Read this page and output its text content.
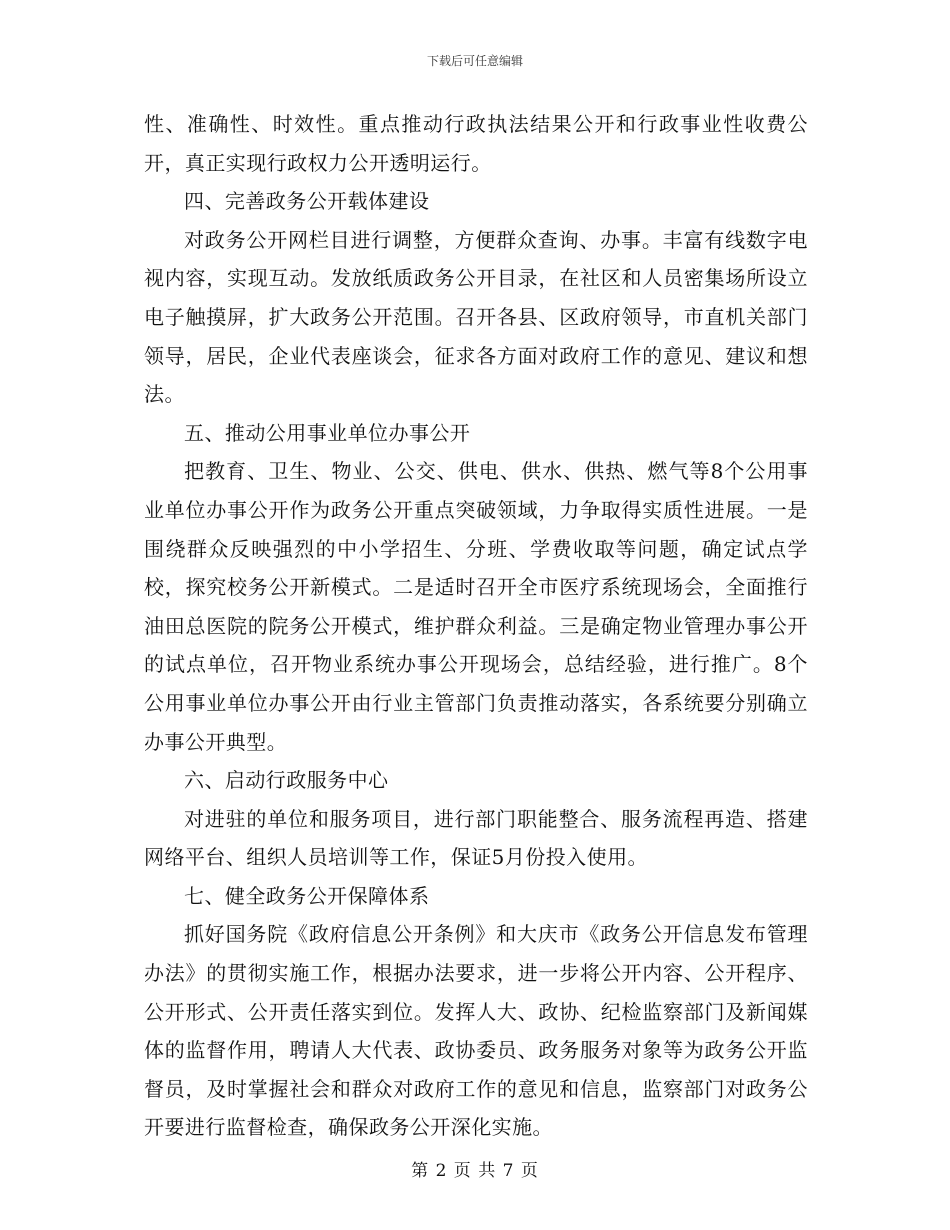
下载后可任意编辑

性、准确性、时效性。重点推动行政执法结果公开和行政事业性收费公开，真正实现行政权力公开透明运行。

四、完善政务公开载体建设

对政务公开网栏目进行调整，方便群众查询、办事。丰富有线数字电视内容，实现互动。发放纸质政务公开目录，在社区和人员密集场所设立电子触摸屏，扩大政务公开范围。召开各县、区政府领导，市直机关部门领导，居民，企业代表座谈会，征求各方面对政府工作的意见、建议和想法。

五、推动公用事业单位办事公开

把教育、卫生、物业、公交、供电、供水、供热、燃气等8个公用事业单位办事公开作为政务公开重点突破领域，力争取得实质性进展。一是围绕群众反映强烈的中小学招生、分班、学费收取等问题，确定试点学校，探究校务公开新模式。二是适时召开全市医疗系统现场会，全面推行油田总医院的院务公开模式，维护群众利益。三是确定物业管理办事公开的试点单位，召开物业系统办事公开现场会，总结经验，进行推广。8个公用事业单位办事公开由行业主管部门负责推动落实，各系统要分别确立办事公开典型。

六、启动行政服务中心

对进驻的单位和服务项目，进行部门职能整合、服务流程再造、搭建网络平台、组织人员培训等工作，保证5月份投入使用。

七、健全政务公开保障体系

抓好国务院《政府信息公开条例》和大庆市《政务公开信息发布管理办法》的贯彻实施工作，根据办法要求，进一步将公开内容、公开程序、公开形式、公开责任落实到位。发挥人大、政协、纪检监察部门及新闻媒体的监督作用，聘请人大代表、政协委员、政务服务对象等为政务公开监督员，及时掌握社会和群众对政府工作的意见和信息，监察部门对政务公开要进行监督检查，确保政务公开深化实施。

第 2 页 共 7 页
